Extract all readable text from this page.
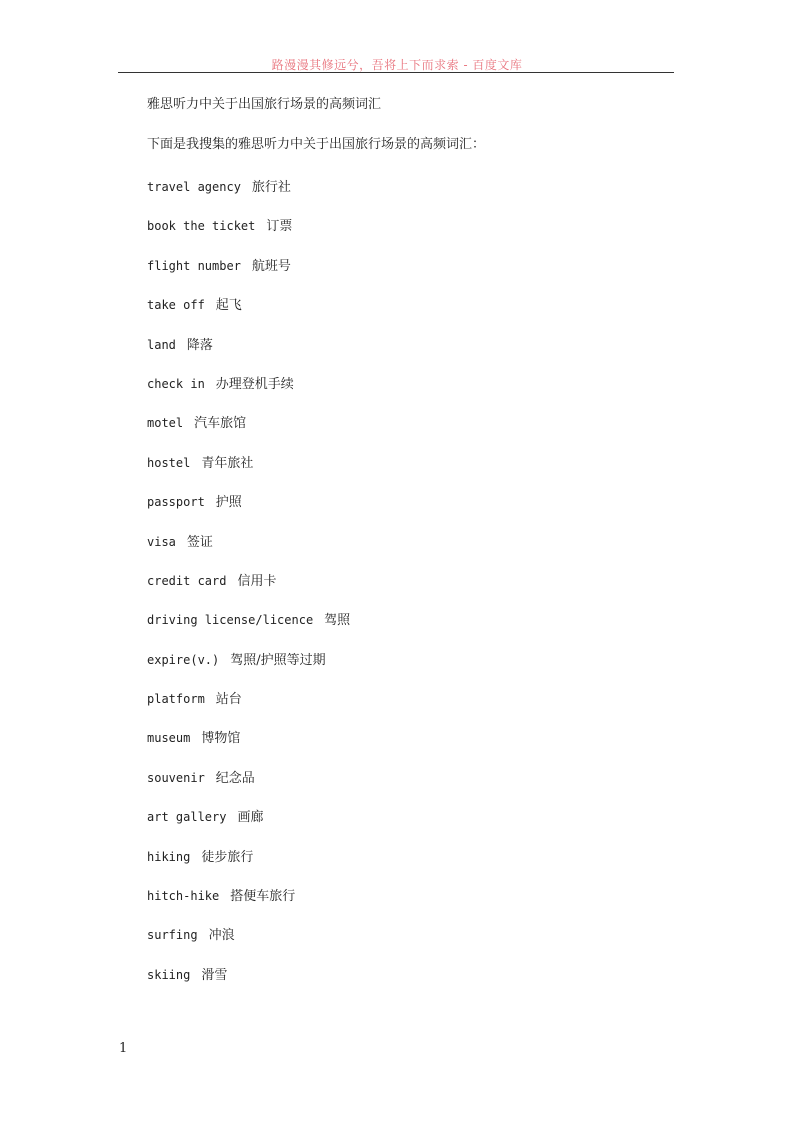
路漫漫其修远兮，吾将上下而求索 - 百度文库
雅思听力中关于出国旅行场景的高频词汇
下面是我搜集的雅思听力中关于出国旅行场景的高频词汇：
travel agency 旅行社
book the ticket 订票
flight number 航班号
take off 起飞
land 降落
check in 办理登机手续
motel 汽车旅馆
hostel 青年旅社
passport 护照
visa 签证
credit card 信用卡
driving license/licence 驾照
expire(v.) 驾照/护照等过期
platform 站台
museum 博物馆
souvenir 纪念品
art gallery 画廊
hiking 徒步旅行
hitch-hike 搭便车旅行
surfing 冲浪
skiing 滑雪
1
